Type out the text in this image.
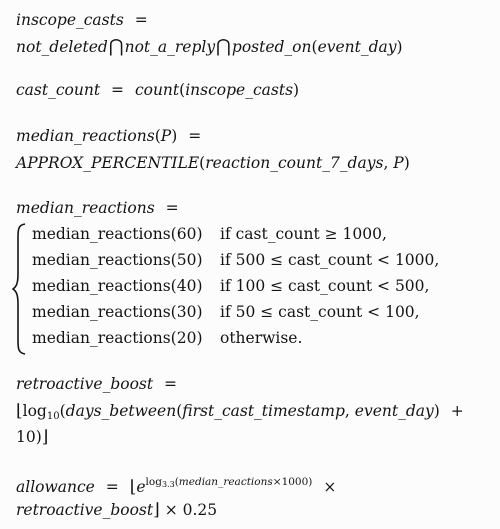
inscope_casts =
not_deleted⋂not_a_reply⋂posted_on(event_day)
cast_count = count(inscope_casts)
median_reactions(P) =
APPROX_PERCENTILE(reaction_count_7_days, P)
median_reactions =
median_reactions(60) if cast_count ≥ 1000,
median_reactions(50) if 500 ≤ cast_count < 1000,
median_reactions(40) if 100 ≤ cast_count < 500,
median_reactions(30) if 50 ≤ cast_count < 100,
median_reactions(20) otherwise.
retroactive_boost =
$⌊\log_{10}(days\_between(first\_cast\_timestamp$, event_day) +
10)⌋
allowance = $⌊e^{log3.3(median\_reactions\times 1000)}$ ×
retroactive_boost⌋ × 0.25
